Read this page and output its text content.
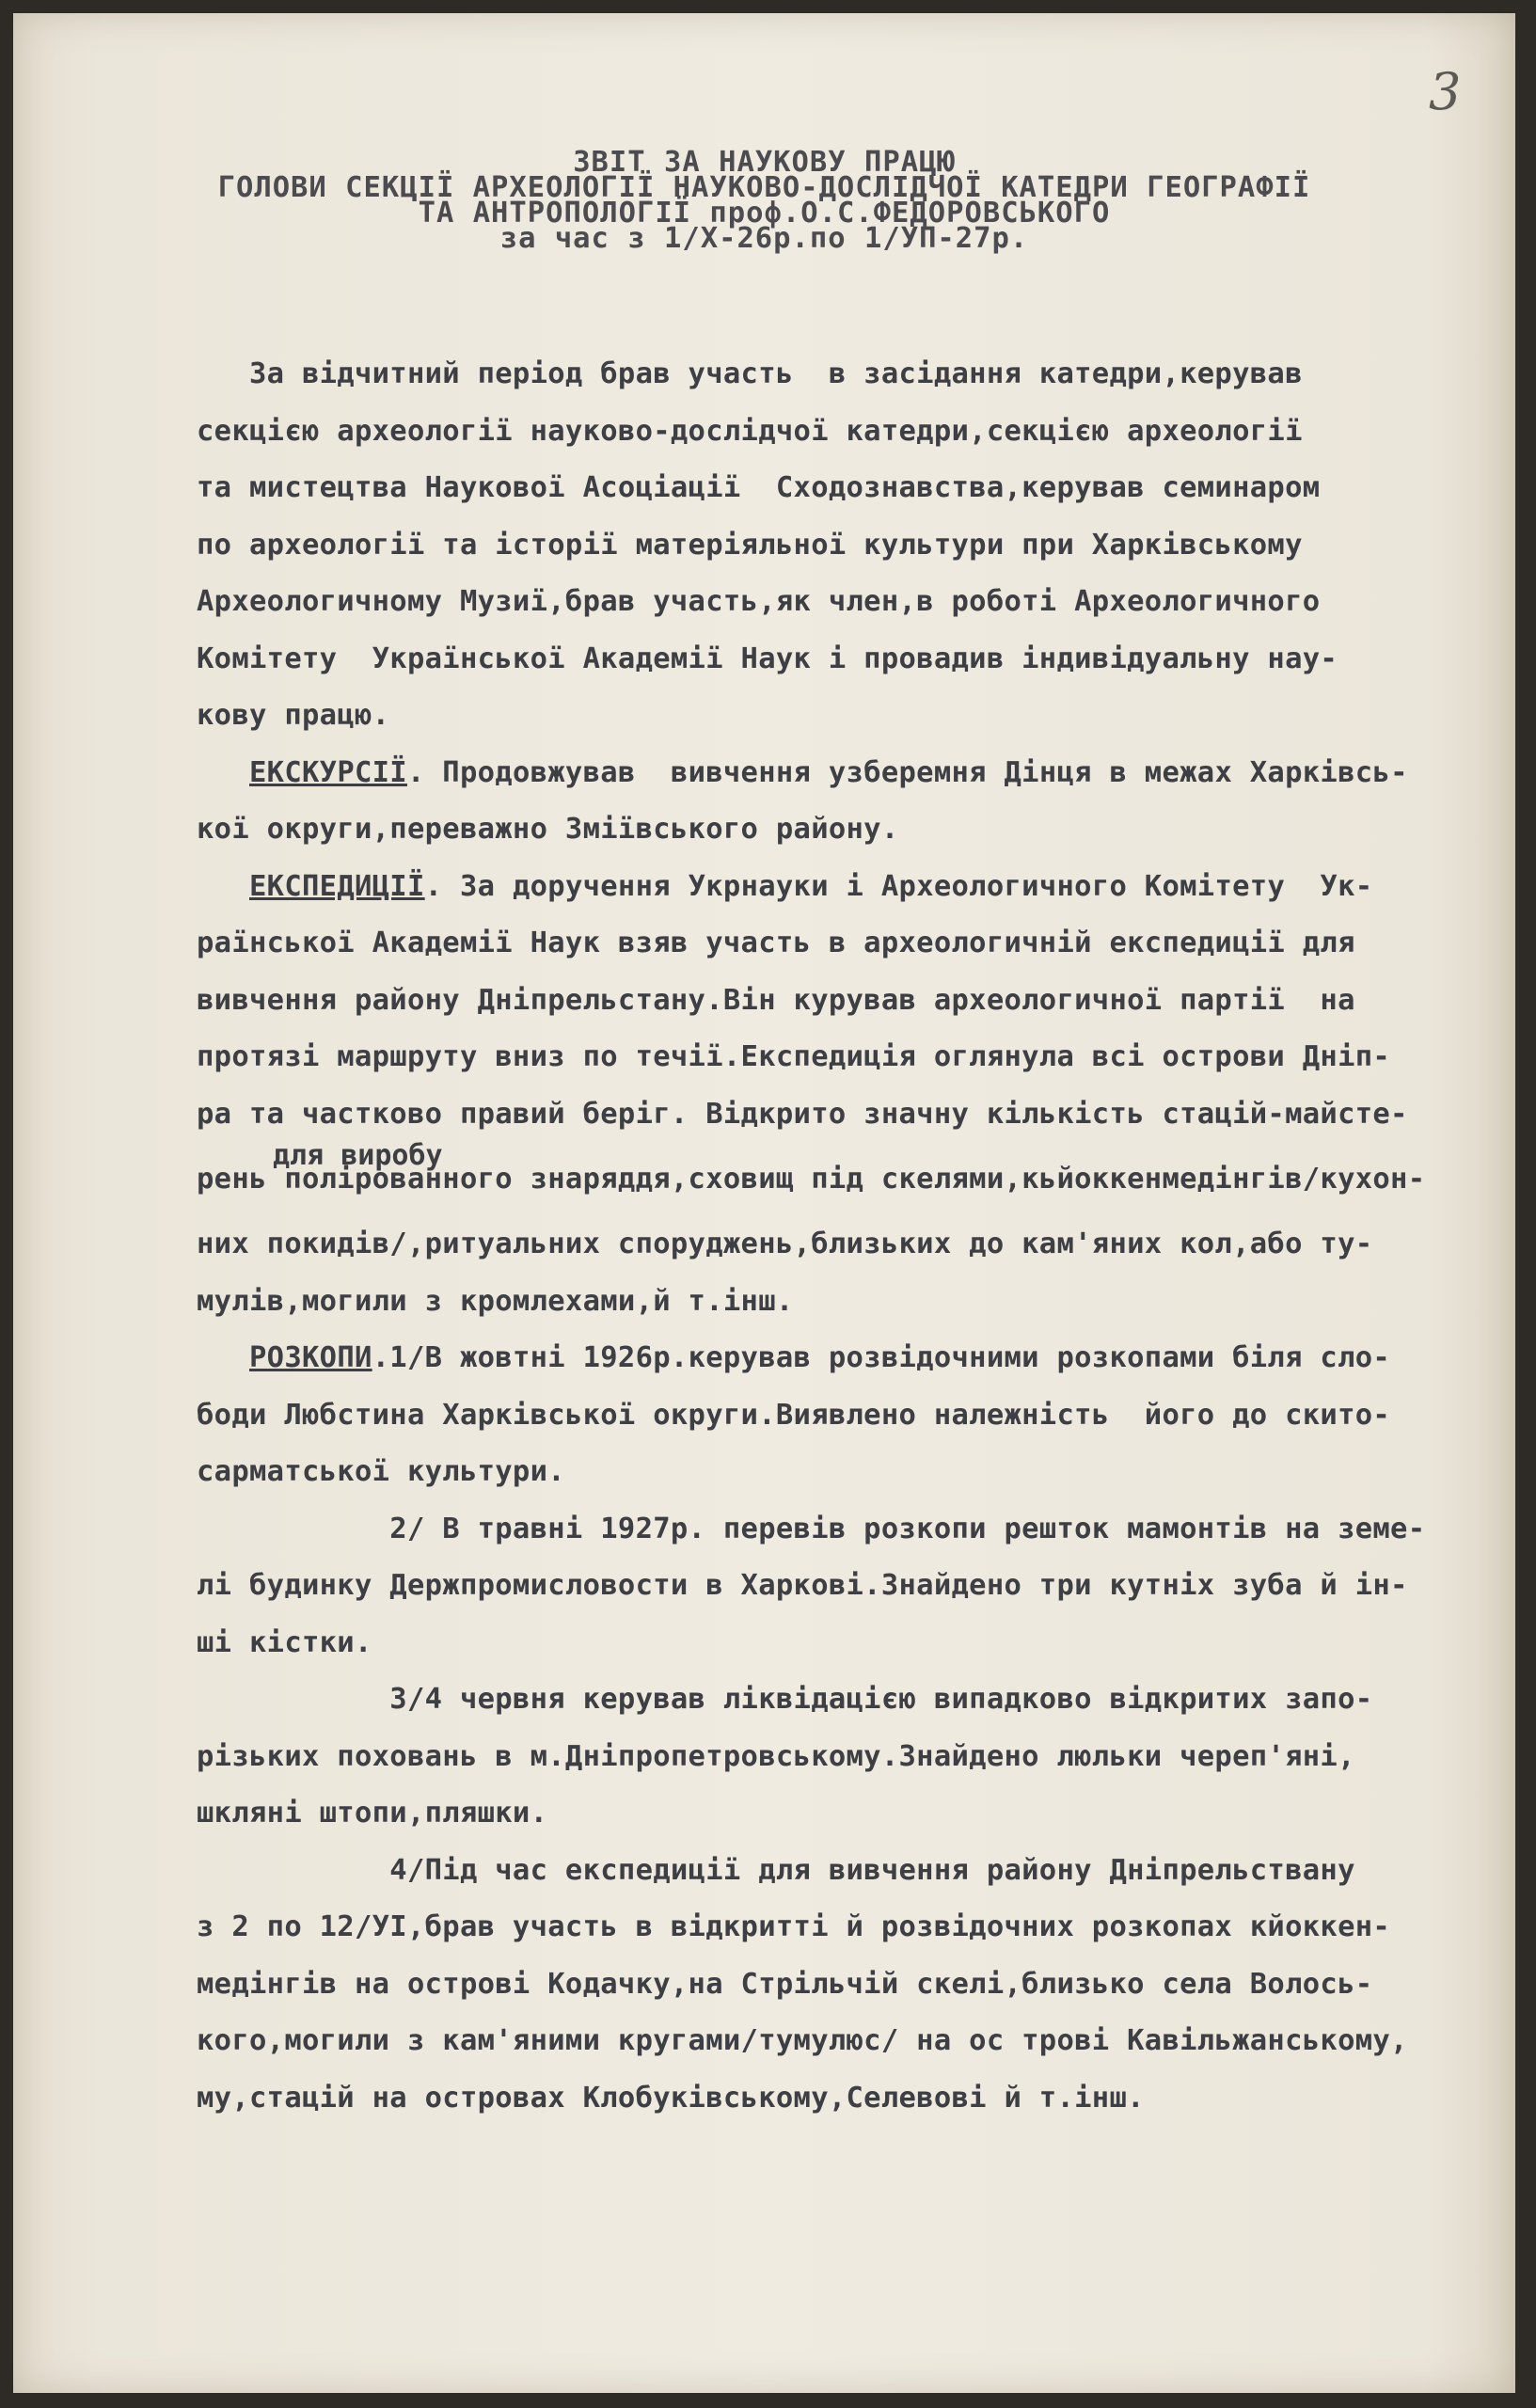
3
ЗВІТ ЗА НАУКОВУ ПРАЦЮ
ГОЛОВИ СЕКЦІЇ АРХЕОЛОГІЇ НАУКОВО-ДОСЛІДЧОЇ КАТЕДРИ ГЕОГРАФІЇ
ТА АНТРОПОЛОГІЇ проф.О.С.ФЕДОРОВСЬКОГО
за час з 1/Х-26р.по 1/УП-27р.
для виробу
За відчитний період брав участь  в засідання катедри,керував
секцією археології науково-дослідчої катедри,секцією археології
та мистецтва Наукової Асоціації  Сходознавства,керував семинаром
по археології та історії матеріяльної культури при Харківському
Археологичному Музиї,брав участь,як член,в роботі Археологичного
Комітету  Української Академії Наук і провадив індивідуальну нау-
кову працю.
ЕКСКУРСІЇ. Продовжував  вивчення узберемня Дінця в межах Харківсь-
кої округи,переважно Зміївського району.
ЕКСПЕДИЦІЇ. За доручення Укрнауки і Археологичного Комітету  Ук-
раїнської Академії Наук взяв участь в археологичній експедиції для
вивчення району Дніпрельстану.Він курував археологичної партії  на
протязі маршруту вниз по течії.Експедиція оглянула всі острови Дніп-
ра та частково правий беріг. Відкрито значну кількість стацій-майсте-
рень полірованного знаряддя,сховищ під скелями,кьйоккенмедінгів/кухон-
них покидів/,ритуальних споруджень,близьких до кам'яних кол,або ту-
мулів,могили з кромлехами,й т.інш.
РОЗКОПИ.1/В жовтні 1926р.керував розвідочними розкопами біля сло-
боди Любстина Харківської округи.Виявлено належність  його до скито-
сарматської культури.
2/ В травні 1927р. перевів розкопи решток мамонтів на земе-
лі будинку Держпромисловости в Харкові.Знайдено три кутніх зуба й ін-
ші кістки.
3/4 червня керував ліквідацією випадково відкритих запо-
різьких поховань в м.Дніпропетровському.Знайдено люльки череп'яні,
шкляні штопи,пляшки.
4/Під час експедиції для вивчення району Дніпрельствану
з 2 по 12/УІ,брав участь в відкритті й розвідочних розкопах кйоккен-
медінгів на острові Кодачку,на Стрільчій скелі,близько села Волось-
кого,могили з кам'яними кругами/тумулюс/ на ос трові Кавільжанському,
му,стацій на островах Клобуківському,Селевові й т.інш.
